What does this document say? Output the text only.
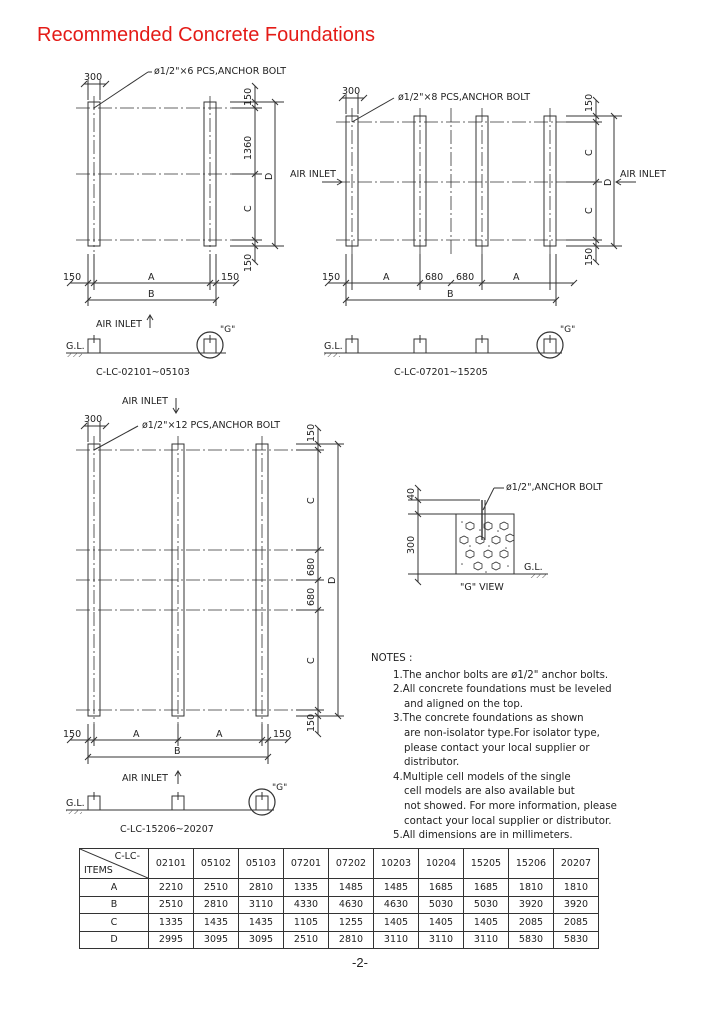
Recommended Concrete Foundations
300
ø1/2"×6 PCS,ANCHOR BOLT
150
1360
C
D
150
150	A	150
B
AIR INLET
G.L.
"G"
C-LC-02101~05103
300
ø1/2"×8 PCS,ANCHOR BOLT	150
C
C
D
150
AIR INLET	AIR INLET
150	A	680 680	A
B
G.L.
"G"
C-LC-07201~15205
AIR INLET
300
ø1/2"×12 PCS,ANCHOR BOLT	150
C
680
680
C
150
D
150	A	A	150
B
AIR INLET
G.L.
"G"
C-LC-15206~20207
ø1/2",ANCHOR BOLT
40
300
G.L.
"G" VIEW
NOTES :
1.The anchor bolts are ø1/2" anchor bolts.
2.All concrete foundations must be leveled
and aligned on the top.
3.The concrete foundations as shown
are non-isolator type.For isolator type,
please contact your local supplier or
distributor.
4.Multiple cell models of the single
cell models are also available but
not showed. For more information, please
contact your local supplier or distributor.
5.All dimensions are in millimeters.
C-LC-
ITEMS	02101	05102	05103	07201	07202	10203	10204	15205	15206	20207
A	2210	2510	2810	1335	1485	1485	1685	1685	1810	1810
B	2510	2810	3110	4330	4630	4630	5030	5030	3920	3920
C	1335	1435	1435	1105	1255	1405	1405	1405	2085	2085
D	2995	3095	3095	2510	2810	3110	3110	3110	5830	5830
-2-
